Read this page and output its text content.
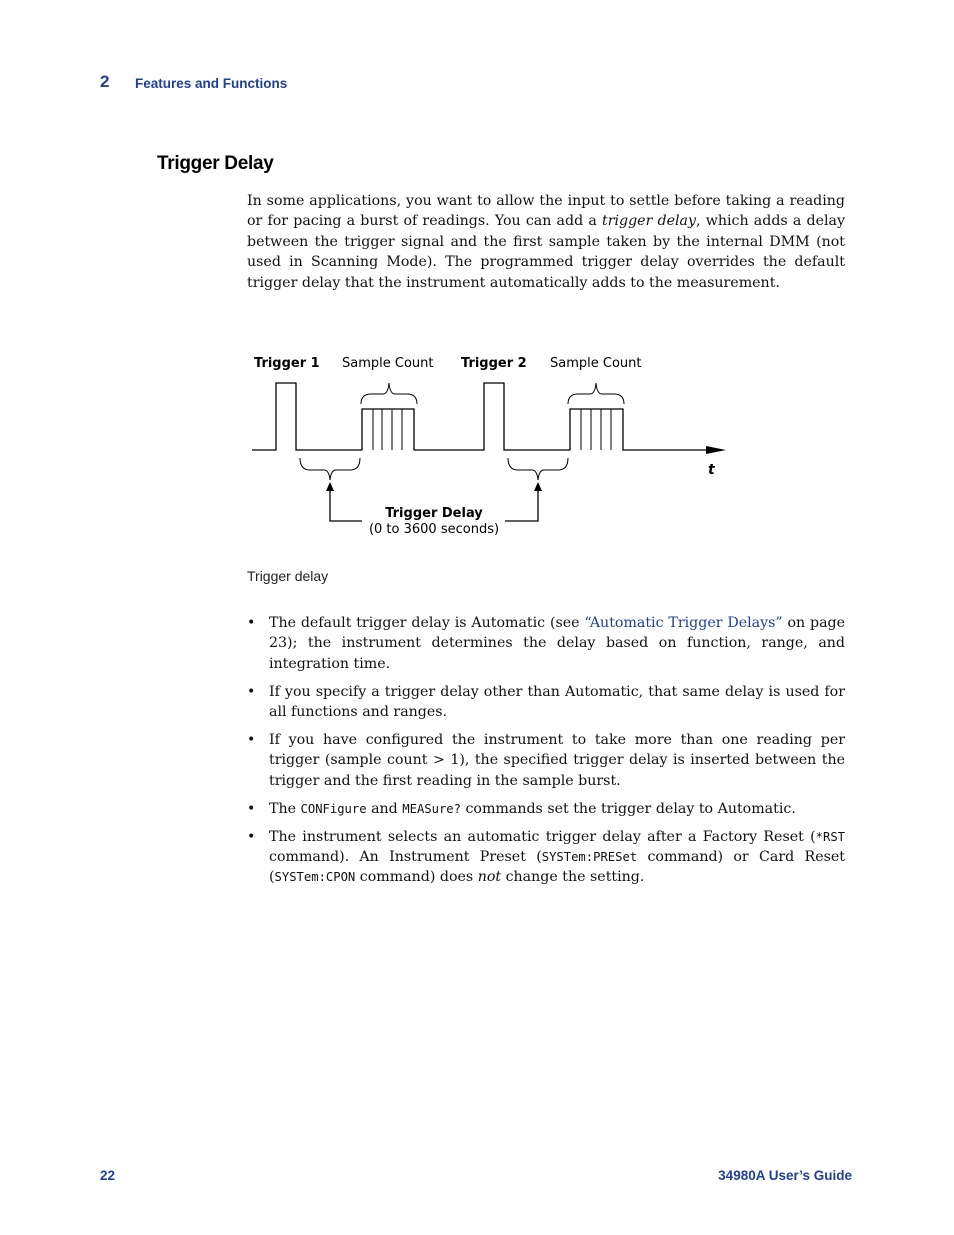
2 Features and Functions
Trigger Delay
In some applications, you want to allow the input to settle before taking a reading or for pacing a burst of readings. You can add a trigger delay, which adds a delay between the trigger signal and the first sample taken by the internal DMM (not used in Scanning Mode). The programmed trigger delay overrides the default trigger delay that the instrument automatically adds to the measurement.
Trigger 1 Sample Count Trigger 2 Sample Count
t
Trigger Delay
(0 to 3600 seconds)
Trigger delay
• The default trigger delay is Automatic (see “Automatic Trigger Delays” on page 23); the instrument determines the delay based on function, range, and integration time.
• If you specify a trigger delay other than Automatic, that same delay is used for all functions and ranges.
• If you have configured the instrument to take more than one reading per trigger (sample count > 1), the specified trigger delay is inserted between the trigger and the first reading in the sample burst.
• The CONFigure and MEASure? commands set the trigger delay to Automatic.
• The instrument selects an automatic trigger delay after a Factory Reset (*RST command). An Instrument Preset (SYSTem:PRESet command) or Card Reset (SYSTem:CPON command) does not change the setting.
22	34980A User’s Guide
